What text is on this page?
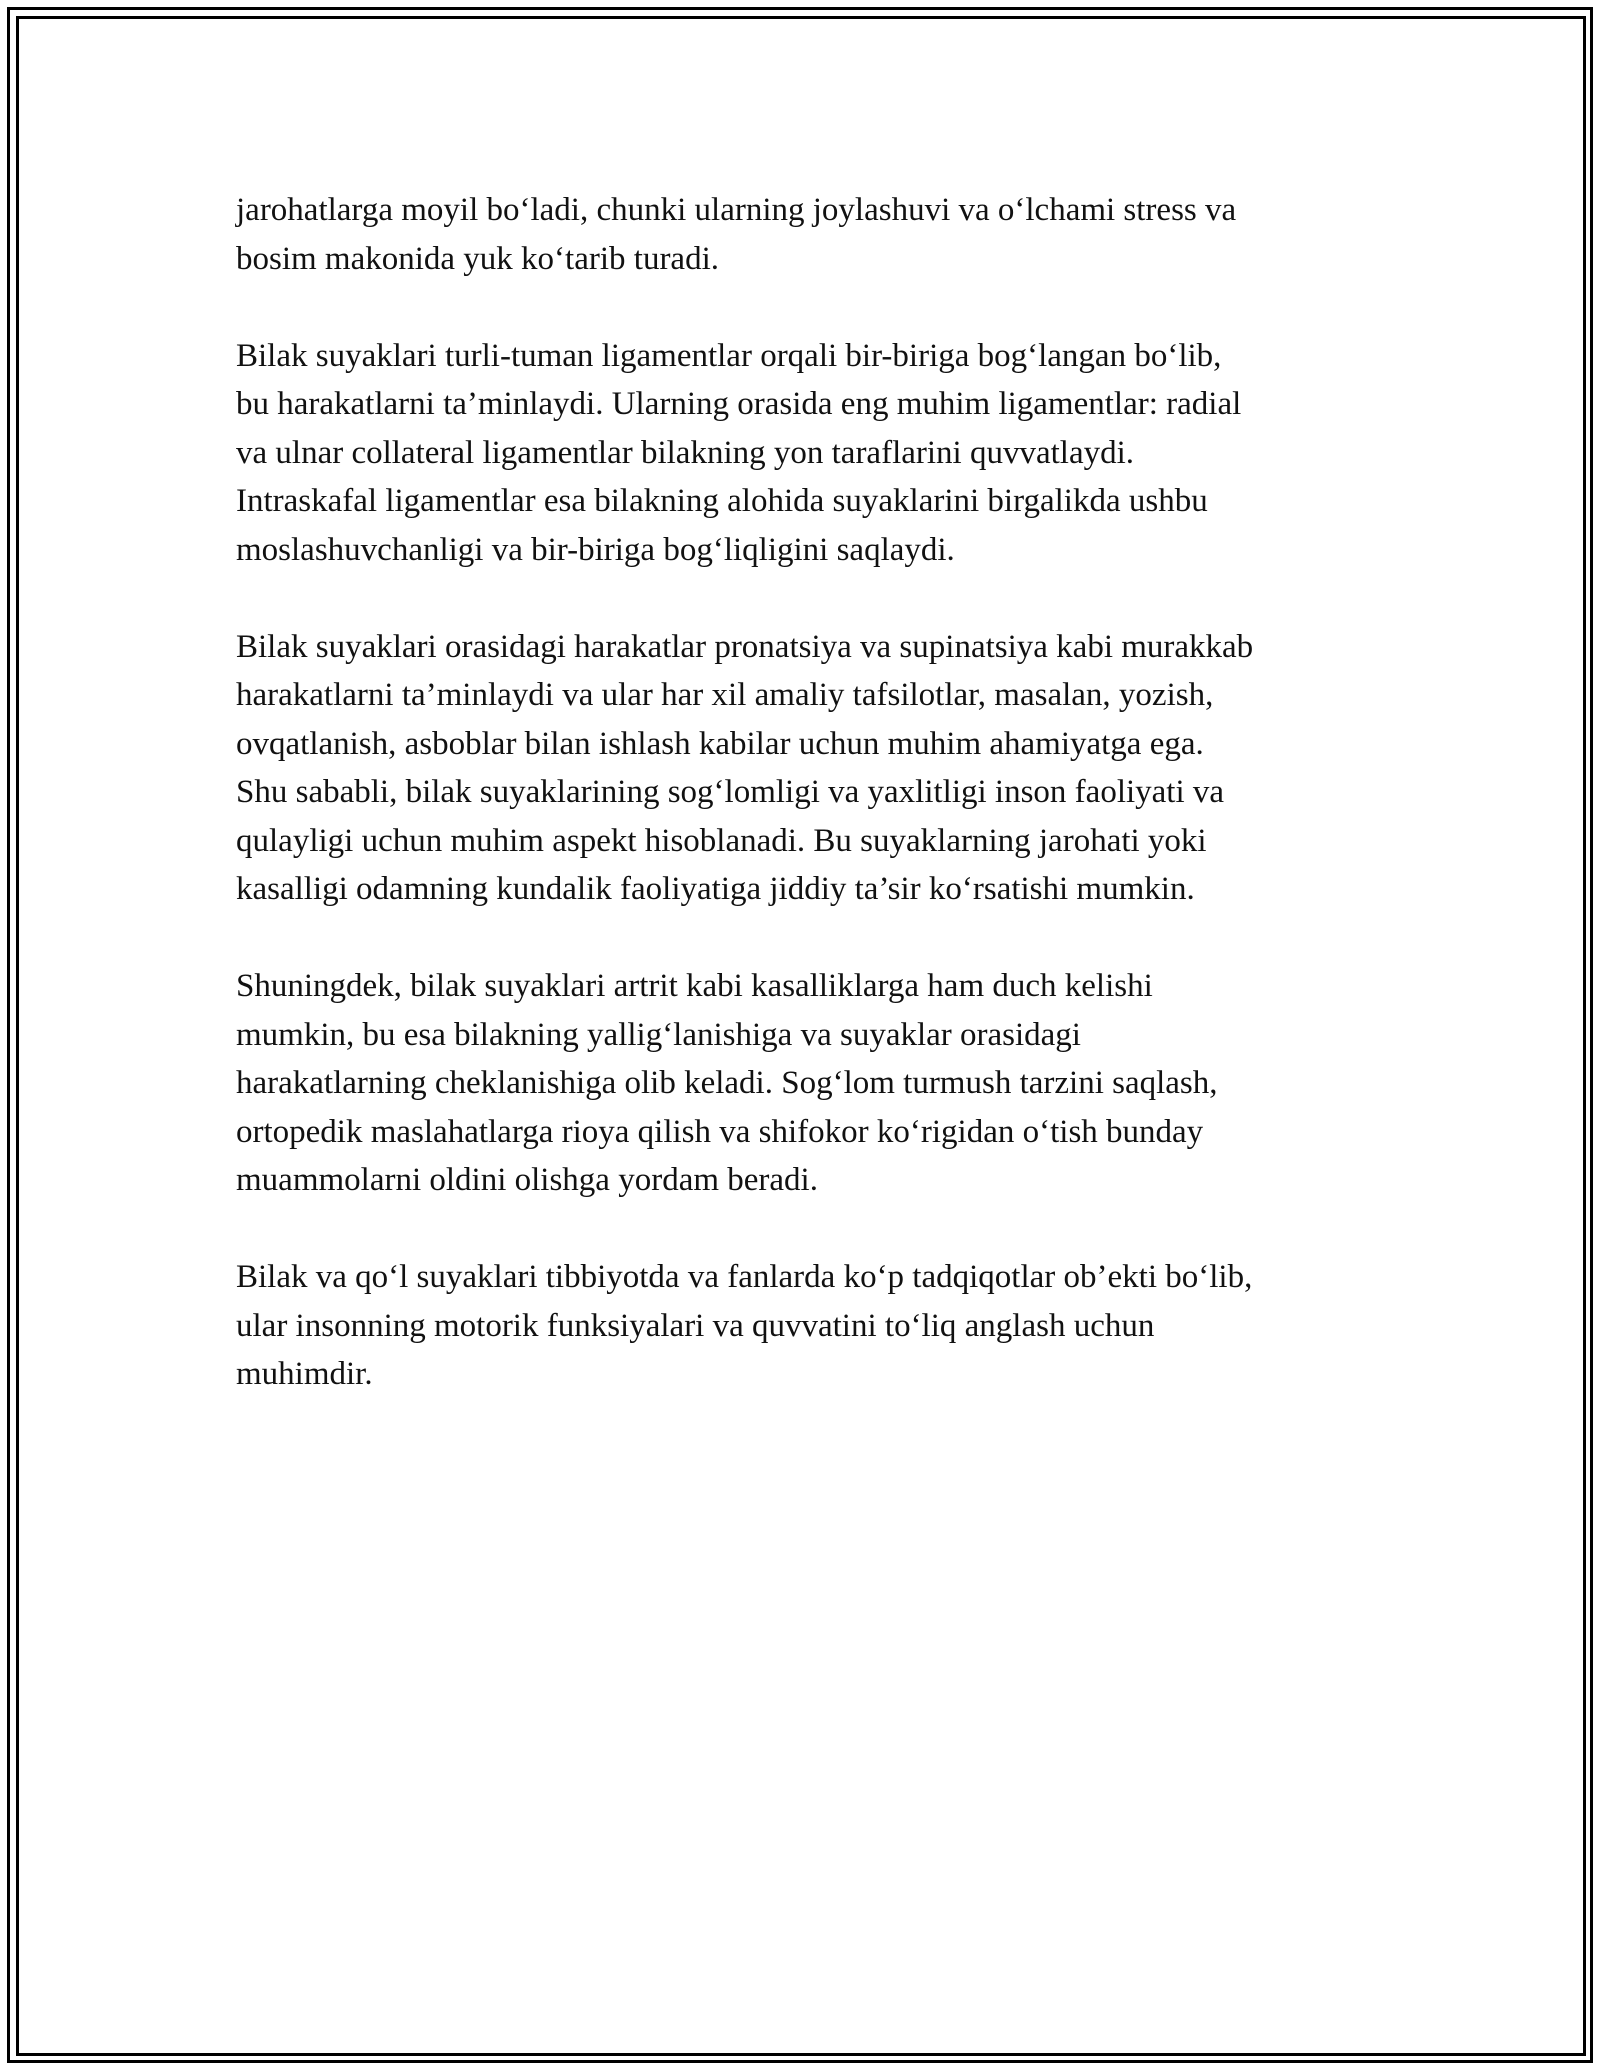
jarohatlarga moyil bo‘ladi, chunki ularning joylashuvi va o‘lchami stress va
bosim makonida yuk ko‘tarib turadi.

Bilak suyaklari turli-tuman ligamentlar orqali bir-biriga bog‘langan bo‘lib,
bu harakatlarni ta’minlaydi. Ularning orasida eng muhim ligamentlar: radial
va ulnar collateral ligamentlar bilakning yon taraflarini quvvatlaydi.
Intraskafal ligamentlar esa bilakning alohida suyaklarini birgalikda ushbu
moslashuvchanligi va bir-biriga bog‘liqligini saqlaydi.

Bilak suyaklari orasidagi harakatlar pronatsiya va supinatsiya kabi murakkab
harakatlarni ta’minlaydi va ular har xil amaliy tafsilotlar, masalan, yozish,
ovqatlanish, asboblar bilan ishlash kabilar uchun muhim ahamiyatga ega.
Shu sababli, bilak suyaklarining sog‘lomligi va yaxlitligi inson faoliyati va
qulayligi uchun muhim aspekt hisoblanadi. Bu suyaklarning jarohati yoki
kasalligi odamning kundalik faoliyatiga jiddiy ta’sir ko‘rsatishi mumkin.

Shuningdek, bilak suyaklari artrit kabi kasalliklarga ham duch kelishi
mumkin, bu esa bilakning yallig‘lanishiga va suyaklar orasidagi
harakatlarning cheklanishiga olib keladi. Sog‘lom turmush tarzini saqlash,
ortopedik maslahatlarga rioya qilish va shifokor ko‘rigidan o‘tish bunday
muammolarni oldini olishga yordam beradi.

Bilak va qo‘l suyaklari tibbiyotda va fanlarda ko‘p tadqiqotlar ob’ekti bo‘lib,
ular insonning motorik funksiyalari va quvvatini to‘liq anglash uchun
muhimdir.
